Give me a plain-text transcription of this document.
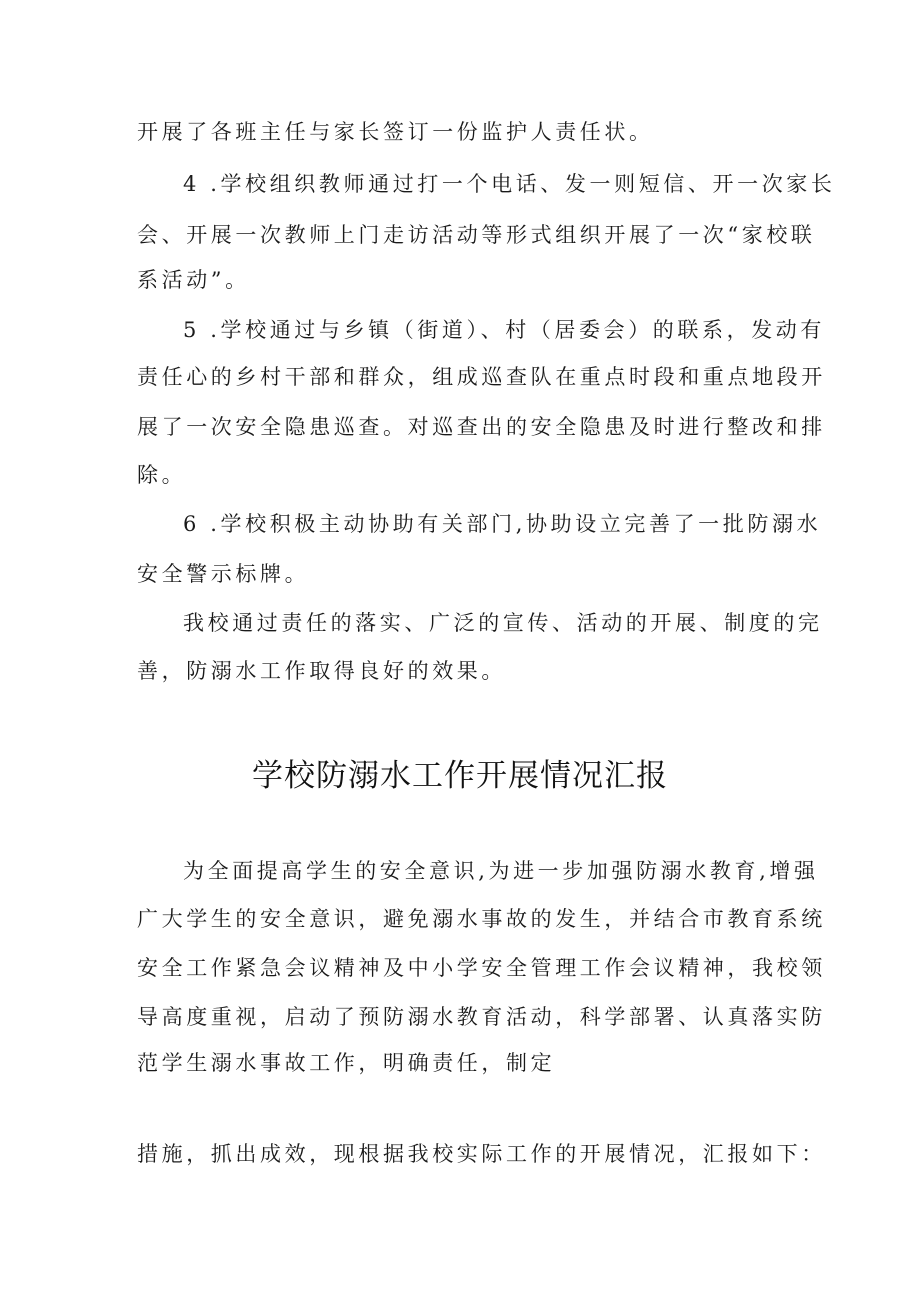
开展了各班主任与家长签订一份监护人责任状。
4 .学校组织教师通过打一个电话、发一则短信、开一次家长
会、开展一次教师上门走访活动等形式组织开展了一次“家校联
系活动”。
5 .学校通过与乡镇（街道）、村（居委会）的联系，发动有
责任心的乡村干部和群众，组成巡查队在重点时段和重点地段开
展了一次安全隐患巡查。对巡查出的安全隐患及时进行整改和排
除。
6 .学校积极主动协助有关部门,协助设立完善了一批防溺水
安全警示标牌。
我校通过责任的落实、广泛的宣传、活动的开展、制度的完
善，防溺水工作取得良好的效果。
学校防溺水工作开展情况汇报
为全面提高学生的安全意识,为进一步加强防溺水教育,增强
广大学生的安全意识，避免溺水事故的发生，并结合市教育系统
安全工作紧急会议精神及中小学安全管理工作会议精神，我校领
导高度重视，启动了预防溺水教育活动，科学部署、认真落实防
范学生溺水事故工作，明确责任，制定
措施，抓出成效，现根据我校实际工作的开展情况，汇报如下：
